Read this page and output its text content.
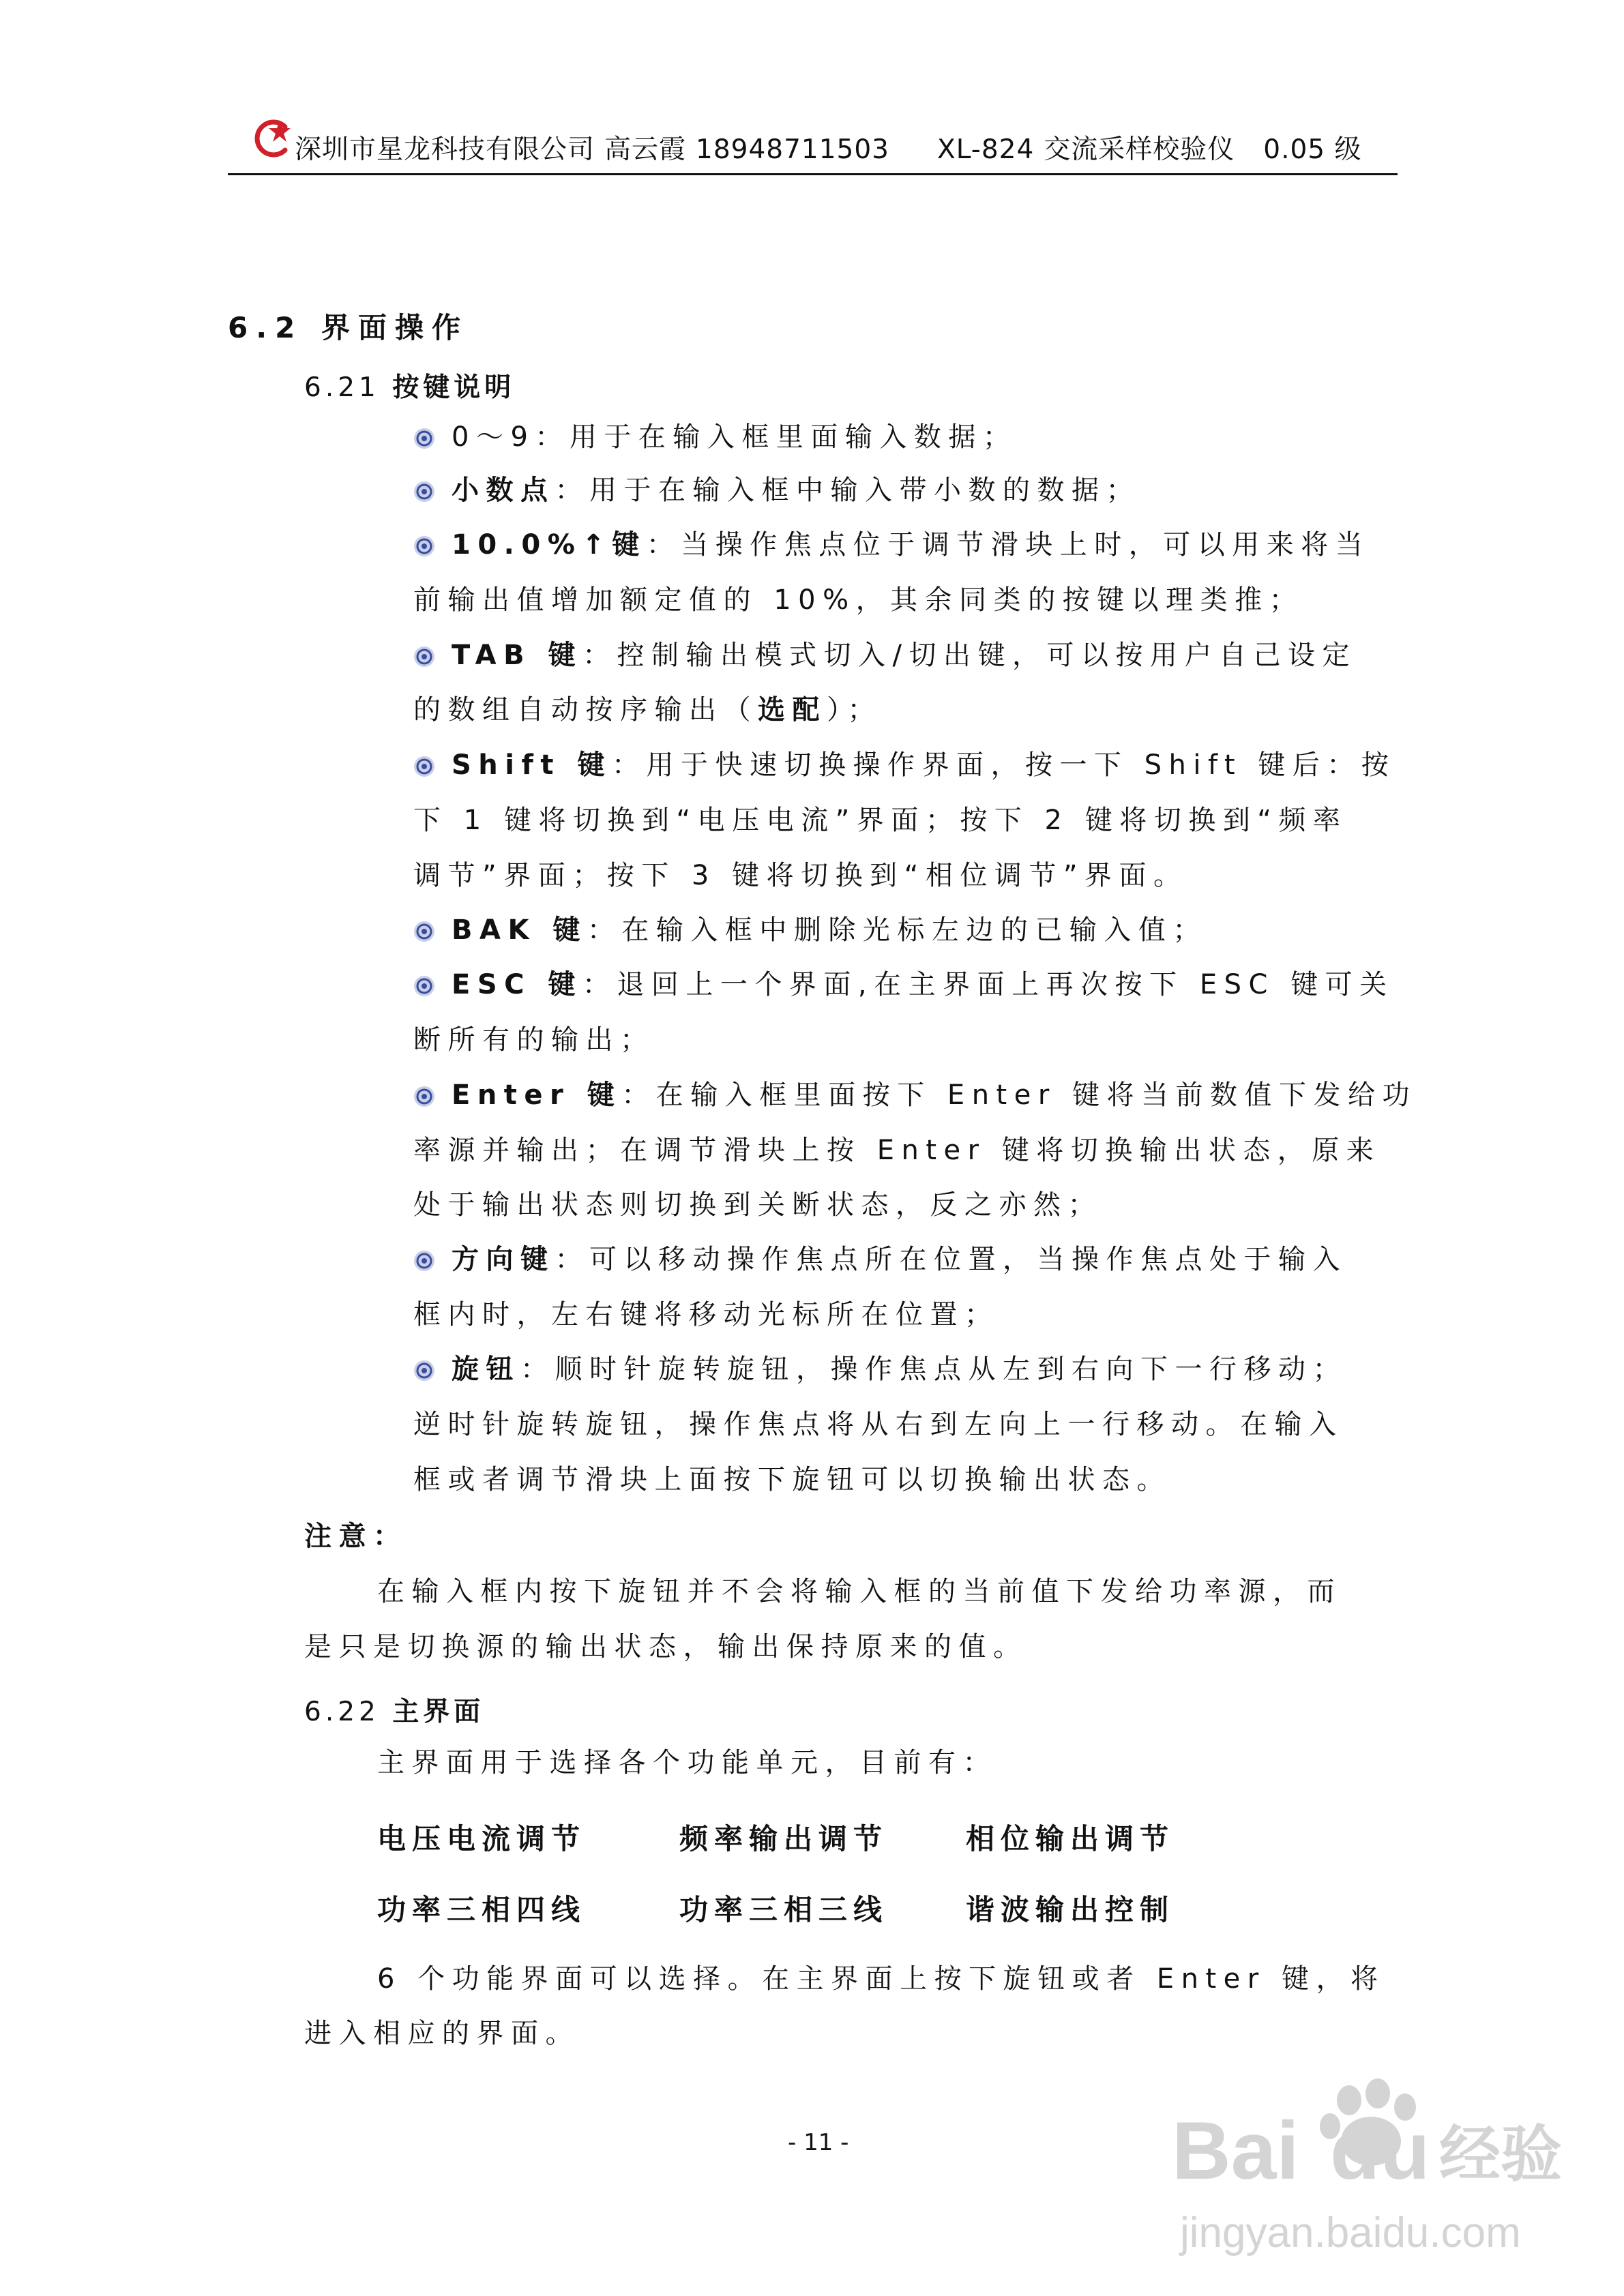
深圳市星龙科技有限公司 高云霞 18948711503 XL-824 交流采样校验仪 0.05 级
6.2 界面操作
6.21 按键说明
0～9：用于在输入框里面输入数据；
小数点：用于在输入框中输入带小数的数据；
10.0%↑键：当操作焦点位于调节滑块上时，可以用来将当
前输出值增加额定值的 10%，其余同类的按键以理类推；
TAB 键：控制输出模式切入/切出键，可以按用户自己设定
的数组自动按序输出（选配）；
Shift 键：用于快速切换操作界面，按一下 Shift 键后：按
下 1 键将切换到“电压电流”界面；按下 2 键将切换到“频率
调节”界面；按下 3 键将切换到“相位调节”界面。
BAK 键：在输入框中删除光标左边的已输入值；
ESC 键：退回上一个界面,在主界面上再次按下 ESC 键可关
断所有的输出；
Enter 键：在输入框里面按下 Enter 键将当前数值下发给功
率源并输出；在调节滑块上按 Enter 键将切换输出状态，原来
处于输出状态则切换到关断状态，反之亦然；
方向键：可以移动操作焦点所在位置，当操作焦点处于输入
框内时，左右键将移动光标所在位置；
旋钮：顺时针旋转旋钮，操作焦点从左到右向下一行移动；
逆时针旋转旋钮，操作焦点将从右到左向上一行移动。在输入
框或者调节滑块上面按下旋钮可以切换输出状态。
注意：
在输入框内按下旋钮并不会将输入框的当前值下发给功率源，而
是只是切换源的输出状态，输出保持原来的值。
6.22 主界面
主界面用于选择各个功能单元，目前有：
电压电流调节	频率输出调节	相位输出调节
功率三相四线	功率三相三线	谐波输出控制
6 个功能界面可以选择。在主界面上按下旋钮或者 Enter 键，将
进入相应的界面。
- 11 -	Bai du 经验
jingyan.baidu.com
